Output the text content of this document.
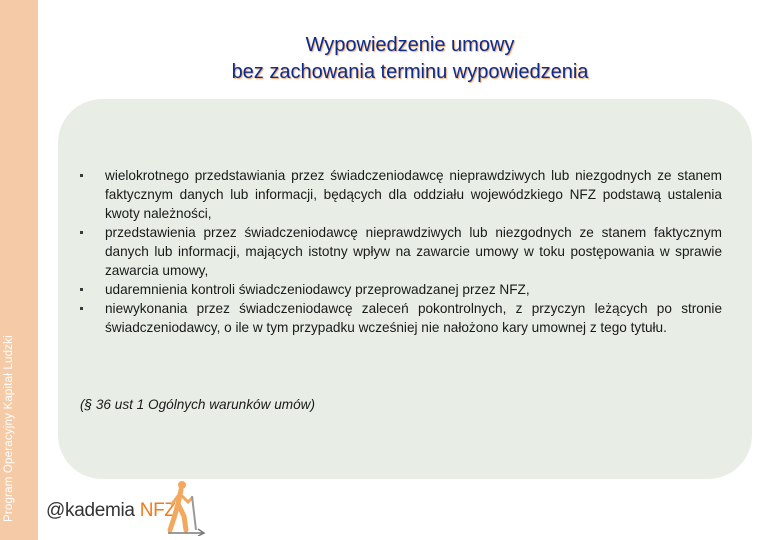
Program Operacyjny Kapitał Ludzki
Wypowiedzenie umowy
bez zachowania terminu wypowiedzenia
wielokrotnego przedstawiania przez świadczeniodawcę nieprawdziwych lub niezgodnych ze stanem faktycznym danych lub informacji, będących dla oddziału wojewódzkiego NFZ podstawą ustalenia kwoty należności,
przedstawienia przez świadczeniodawcę nieprawdziwych lub niezgodnych ze stanem faktycznym danych lub informacji, mających istotny wpływ na zawarcie umowy w toku postępowania w sprawie zawarcia umowy,
udaremnienia kontroli świadczeniodawcy przeprowadzanej przez NFZ,
niewykonania przez świadczeniodawcę zaleceń pokontrolnych, z przyczyn leżących po stronie świadczeniodawcy, o ile w tym przypadku wcześniej nie nałożono kary umownej z tego tytułu.
(§ 36 ust 1 Ogólnych warunków umów)
@kademia NFZ
